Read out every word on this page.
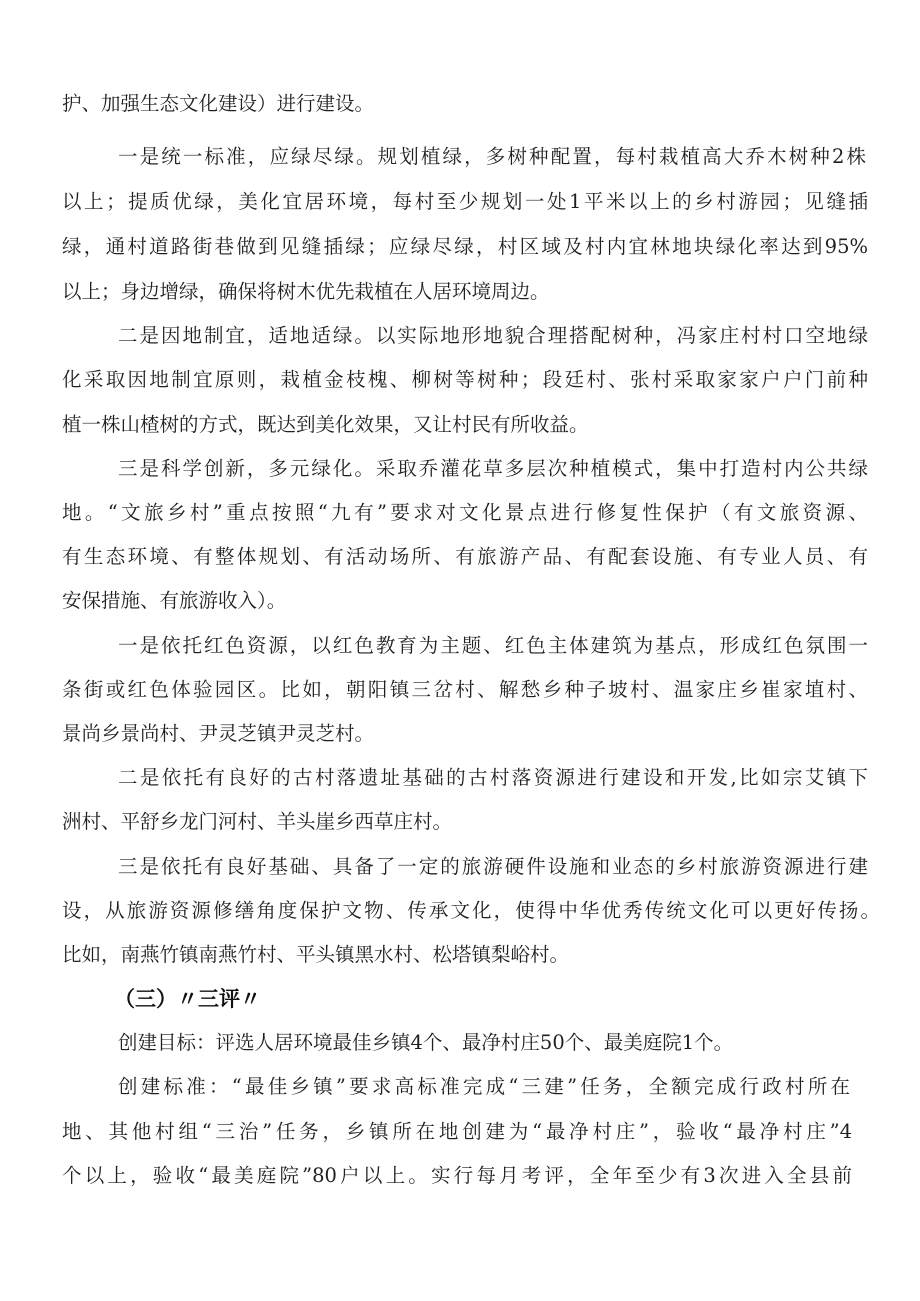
护、加强生态文化建设）进行建设。
一是统一标准，应绿尽绿。规划植绿，多树种配置，每村栽植高大乔木树种2株
以上；提质优绿，美化宜居环境，每村至少规划一处1平米以上的乡村游园；见缝插
绿，通村道路街巷做到见缝插绿；应绿尽绿，村区域及村内宜林地块绿化率达到95%
以上；身边增绿，确保将树木优先栽植在人居环境周边。
二是因地制宜，适地适绿。以实际地形地貌合理搭配树种，冯家庄村村口空地绿
化采取因地制宜原则，栽植金枝槐、柳树等树种；段廷村、张村采取家家户户门前种
植一株山楂树的方式，既达到美化效果，又让村民有所收益。
三是科学创新，多元绿化。采取乔灌花草多层次种植模式，集中打造村内公共绿
地。“文旅乡村”重点按照“九有”要求对文化景点进行修复性保护（有文旅资源、
有生态环境、有整体规划、有活动场所、有旅游产品、有配套设施、有专业人员、有
安保措施、有旅游收入）。
一是依托红色资源，以红色教育为主题、红色主体建筑为基点，形成红色氛围一
条街或红色体验园区。比如，朝阳镇三岔村、解愁乡种子坡村、温家庄乡崔家埴村、
景尚乡景尚村、尹灵芝镇尹灵芝村。
二是依托有良好的古村落遗址基础的古村落资源进行建设和开发,比如宗艾镇下
洲村、平舒乡龙门河村、羊头崖乡西草庄村。
三是依托有良好基础、具备了一定的旅游硬件设施和业态的乡村旅游资源进行建
设，从旅游资源修缮角度保护文物、传承文化，使得中华优秀传统文化可以更好传扬。
比如，南燕竹镇南燕竹村、平头镇黑水村、松塔镇梨峪村。
（三）〃三评〃
创建目标：评选人居环境最佳乡镇4个、最净村庄50个、最美庭院1个。
创建标准：“最佳乡镇”要求高标准完成“三建”任务，全额完成行政村所在
地、其他村组“三治”任务，乡镇所在地创建为“最净村庄”，验收“最净村庄”4
个以上，验收“最美庭院”80户以上。实行每月考评，全年至少有3次进入全县前
